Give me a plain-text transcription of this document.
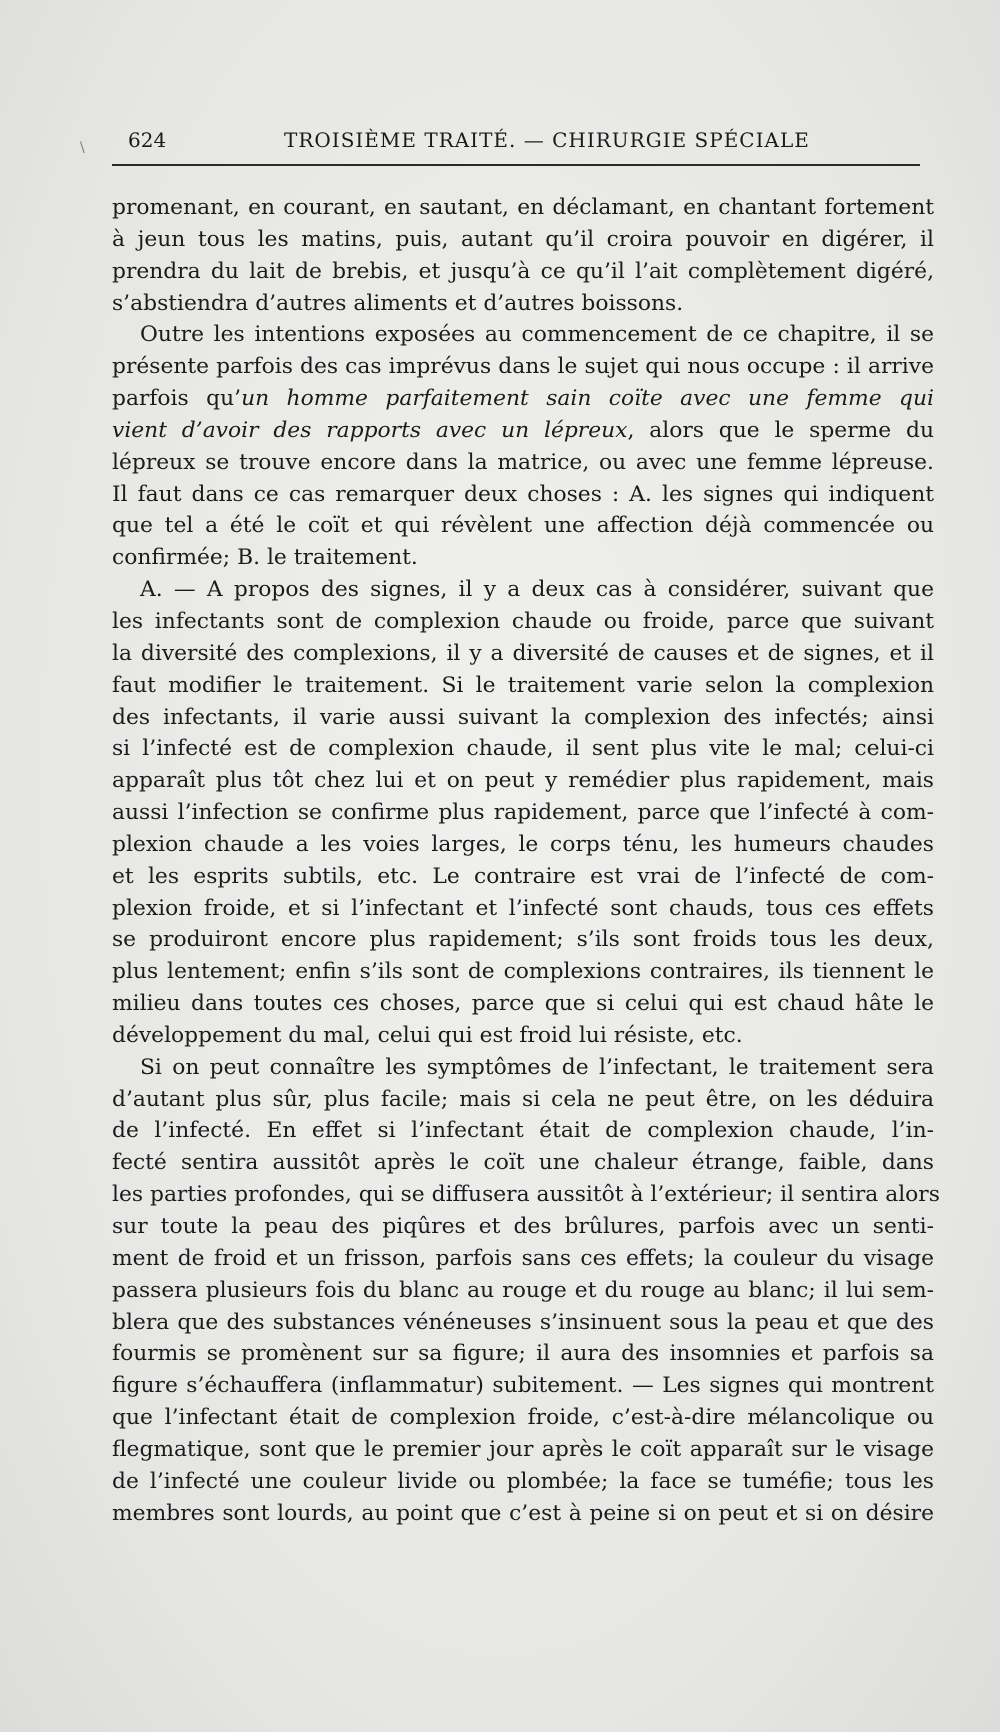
\ 624	TROISIÈME TRAITÉ. — CHIRURGIE SPÉCIALE
promenant, en courant, en sautant, en déclamant, en chantant fortement
à jeun tous les matins, puis, autant qu’il croira pouvoir en digérer, il
prendra du lait de brebis, et jusqu’à ce qu’il l’ait complètement digéré,
s’abstiendra d’autres aliments et d’autres boissons.
Outre les intentions exposées au commencement de ce chapitre, il se
présente parfois des cas imprévus dans le sujet qui nous occupe : il arrive
parfois qu’un homme parfaitement sain coïte avec une femme qui
vient d’avoir des rapports avec un lépreux, alors que le sperme du
lépreux se trouve encore dans la matrice, ou avec une femme lépreuse.
Il faut dans ce cas remarquer deux choses : A. les signes qui indiquent
que tel a été le coït et qui révèlent une affection déjà commencée ou
confirmée; B. le traitement.
A. — A propos des signes, il y a deux cas à considérer, suivant que
les infectants sont de complexion chaude ou froide, parce que suivant
la diversité des complexions, il y a diversité de causes et de signes, et il
faut modifier le traitement. Si le traitement varie selon la complexion
des infectants, il varie aussi suivant la complexion des infectés; ainsi
si l’infecté est de complexion chaude, il sent plus vite le mal; celui-ci
apparaît plus tôt chez lui et on peut y remédier plus rapidement, mais
aussi l’infection se confirme plus rapidement, parce que l’infecté à com-
plexion chaude a les voies larges, le corps ténu, les humeurs chaudes
et les esprits subtils, etc. Le contraire est vrai de l’infecté de com-
plexion froide, et si l’infectant et l’infecté sont chauds, tous ces effets
se produiront encore plus rapidement; s’ils sont froids tous les deux,
plus lentement; enfin s’ils sont de complexions contraires, ils tiennent le
milieu dans toutes ces choses, parce que si celui qui est chaud hâte le
développement du mal, celui qui est froid lui résiste, etc.
Si on peut connaître les symptômes de l’infectant, le traitement sera
d’autant plus sûr, plus facile; mais si cela ne peut être, on les déduira
de l’infecté. En effet si l’infectant était de complexion chaude, l’in-
fecté sentira aussitôt après le coït une chaleur étrange, faible, dans
les parties profondes, qui se diffusera aussitôt à l’extérieur; il sentira alors
sur toute la peau des piqûres et des brûlures, parfois avec un senti-
ment de froid et un frisson, parfois sans ces effets; la couleur du visage
passera plusieurs fois du blanc au rouge et du rouge au blanc; il lui sem-
blera que des substances vénéneuses s’insinuent sous la peau et que des
fourmis se promènent sur sa figure; il aura des insomnies et parfois sa
figure s’échauffera (inflammatur) subitement. — Les signes qui montrent
que l’infectant était de complexion froide, c’est-à-dire mélancolique ou
flegmatique, sont que le premier jour après le coït apparaît sur le visage
de l’infecté une couleur livide ou plombée; la face se tuméfie; tous les
membres sont lourds, au point que c’est à peine si on peut et si on désire
